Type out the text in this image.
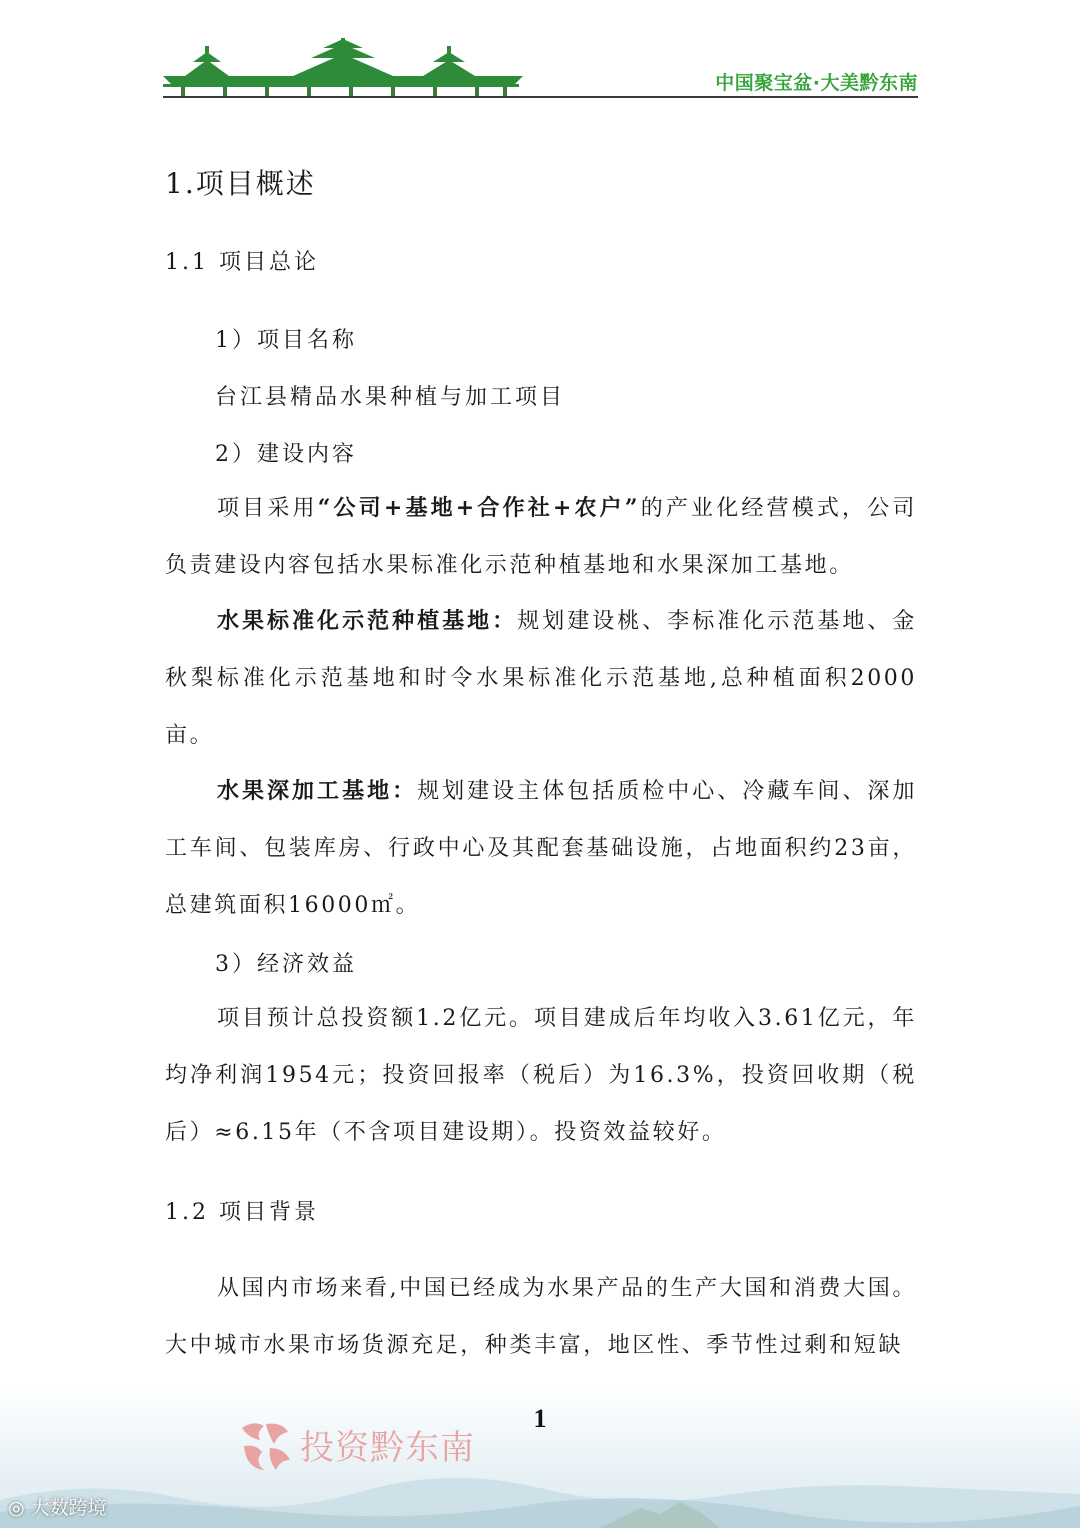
中国聚宝盆·大美黔东南
1.项目概述
1.1 项目总论
1）项目名称
台江县精品水果种植与加工项目
2）建设内容
项目采用“公司+基地+合作社+农户”的产业化经营模式，公司负责建设内容包括水果标准化示范种植基地和水果深加工基地。
水果标准化示范种植基地：规划建设桃、李标准化示范基地、金秋梨标准化示范基地和时令水果标准化示范基地,总种植面积2000亩。
水果深加工基地：规划建设主体包括质检中心、冷藏车间、深加工车间、包装库房、行政中心及其配套基础设施，占地面积约23亩，总建筑面积16000㎡。
3）经济效益
项目预计总投资额1.2亿元。项目建成后年均收入3.61亿元，年均净利润1954元；投资回报率（税后）为16.3%，投资回收期（税后）≈6.15年（不含项目建设期）。投资效益较好。
1.2 项目背景
从国内市场来看,中国已经成为水果产品的生产大国和消费大国。大中城市水果市场货源充足，种类丰富，地区性、季节性过剩和短缺
1
投资黔东南
◎ 大数跨境
